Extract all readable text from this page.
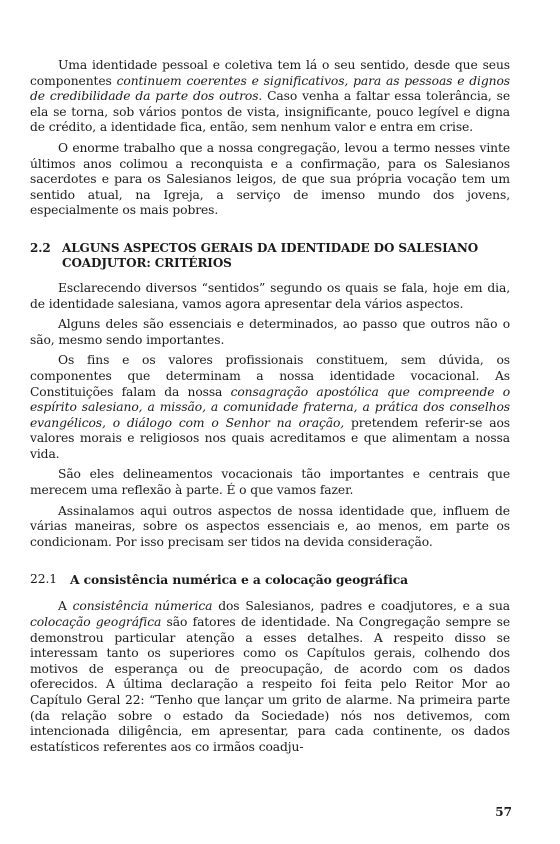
Uma identidade pessoal e coletiva tem lá o seu sentido, desde que seus componentes continuem coerentes e significativos, para as pessoas e dignos de credibilidade da parte dos outros. Caso venha a faltar essa tolerância, se ela se torna, sob vários pontos de vista, insignificante, pouco legível e digna de crédito, a identidade fica, então, sem nenhum valor e entra em crise.

O enorme trabalho que a nossa congregação, levou a termo nesses vinte últimos anos colimou a reconquista e a confirmação, para os Salesianos sacerdotes e para os Salesianos leigos, de que sua própria vocação tem um sentido atual, na Igreja, a serviço de imenso mundo dos jovens, especialmente os mais pobres.

2.2 ALGUNS ASPECTOS GERAIS DA IDENTIDADE DO SALESIANO COADJUTOR: CRITÉRIOS

Esclarecendo diversos “sentidos” segundo os quais se fala, hoje em dia, de identidade salesiana, vamos agora apresentar dela vários aspectos.

Alguns deles são essenciais e determinados, ao passo que outros não o são, mesmo sendo importantes.

Os fins e os valores profissionais constituem, sem dúvida, os componentes que determinam a nossa identidade vocacional. As Constituições falam da nossa consagração apostólica que compreende o espírito salesiano, a missão, a comunidade fraterna, a prática dos conselhos evangélicos, o diálogo com o Senhor na oração, pretendem referir-se aos valores morais e religiosos nos quais acreditamos e que alimentam a nossa vida.

São eles delineamentos vocacionais tão importantes e centrais que merecem uma reflexão à parte. É o que vamos fazer.

Assinalamos aqui outros aspectos de nossa identidade que, influem de várias maneiras, sobre os aspectos essenciais e, ao menos, em parte os condicionam. Por isso precisam ser tidos na devida consideração.

22.1	A consistência numérica e a colocação geográfica

A consistência númerica dos Salesianos, padres e coadjutores, e a sua colocação geográfica são fatores de identidade. Na Congregação sempre se demonstrou particular atenção a esses detalhes. A respeito disso se interessam tanto os superiores como os Capítulos gerais, colhendo dos motivos de esperança ou de preocupação, de acordo com os dados oferecidos. A última declaração a respeito foi feita pelo Reitor Mor ao Capítulo Geral 22: “Tenho que lançar um grito de alarme. Na primeira parte (da relação sobre o estado da Sociedade) nós nos detivemos, com intencionada diligência, em apresentar, para cada continente, os dados estatísticos referentes aos co irmãos coadju-

57
